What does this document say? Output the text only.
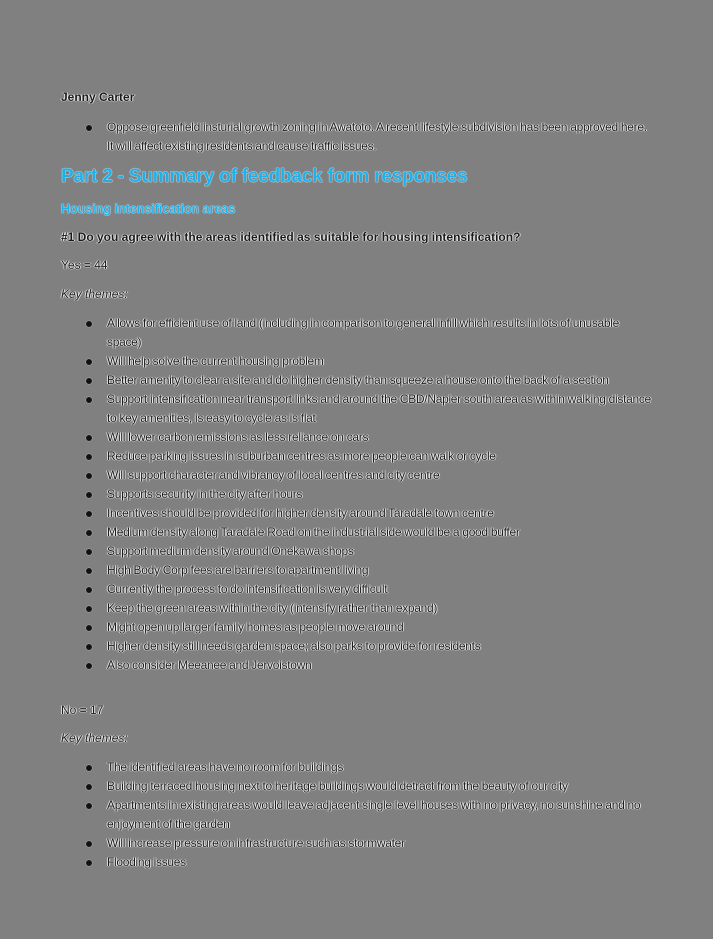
Jenny Carter
Oppose greenfield insturial growth zoning in Awatoto. A recent lifestyle subdivision has been approved here. It will affect existing residents and cause traffic issues.
Part 2 - Summary of feedback form responses
Housing intensification areas
#1 Do you agree with the areas identified as suitable for housing intensification?
Yes = 44
Key themes:
Allows for efficient use of land (including in comparison to general infill which results in lots of unusable space)
Will help solve the current housing problem
Better amenity to clear a site and do higher density than squeeze a house onto the back of a section
Support intensification near transport links and around the CBD/Napier south area as within walking distance to key amenities, is easy to cycle as is flat
Will lower carbon emissions as less reliance on cars
Reduce parking issues in suburban centres as more people can walk or cycle
Will support character and vibrancy of local centres and city centre
Supports security in the city after hours
Incentives should be provided for higher density around Taradale town centre
Medium density along Taradale Road on the industrial side would be a good buffer
Support medium density around Onekawa shops
High Body Corp fees are barriers to apartment living
Currently the process to do intensification is very difficult
Keep the green areas within the city (intensify rather than expand)
Might open up larger family homes as people move around
Higher density still needs garden space; also parks to provide for residents
Also consider Meeanee and Jervoistown
No = 17
Key themes:
The identified areas have no room for buildings
Building terraced housing next to heritage buildings would detract from the beauty of our city
Apartments in existing areas would leave adjacent single level houses with no privacy, no sunshine and no enjoyment of the garden
Will increase pressure on infrastructure such as stormwater
Flooding issues
